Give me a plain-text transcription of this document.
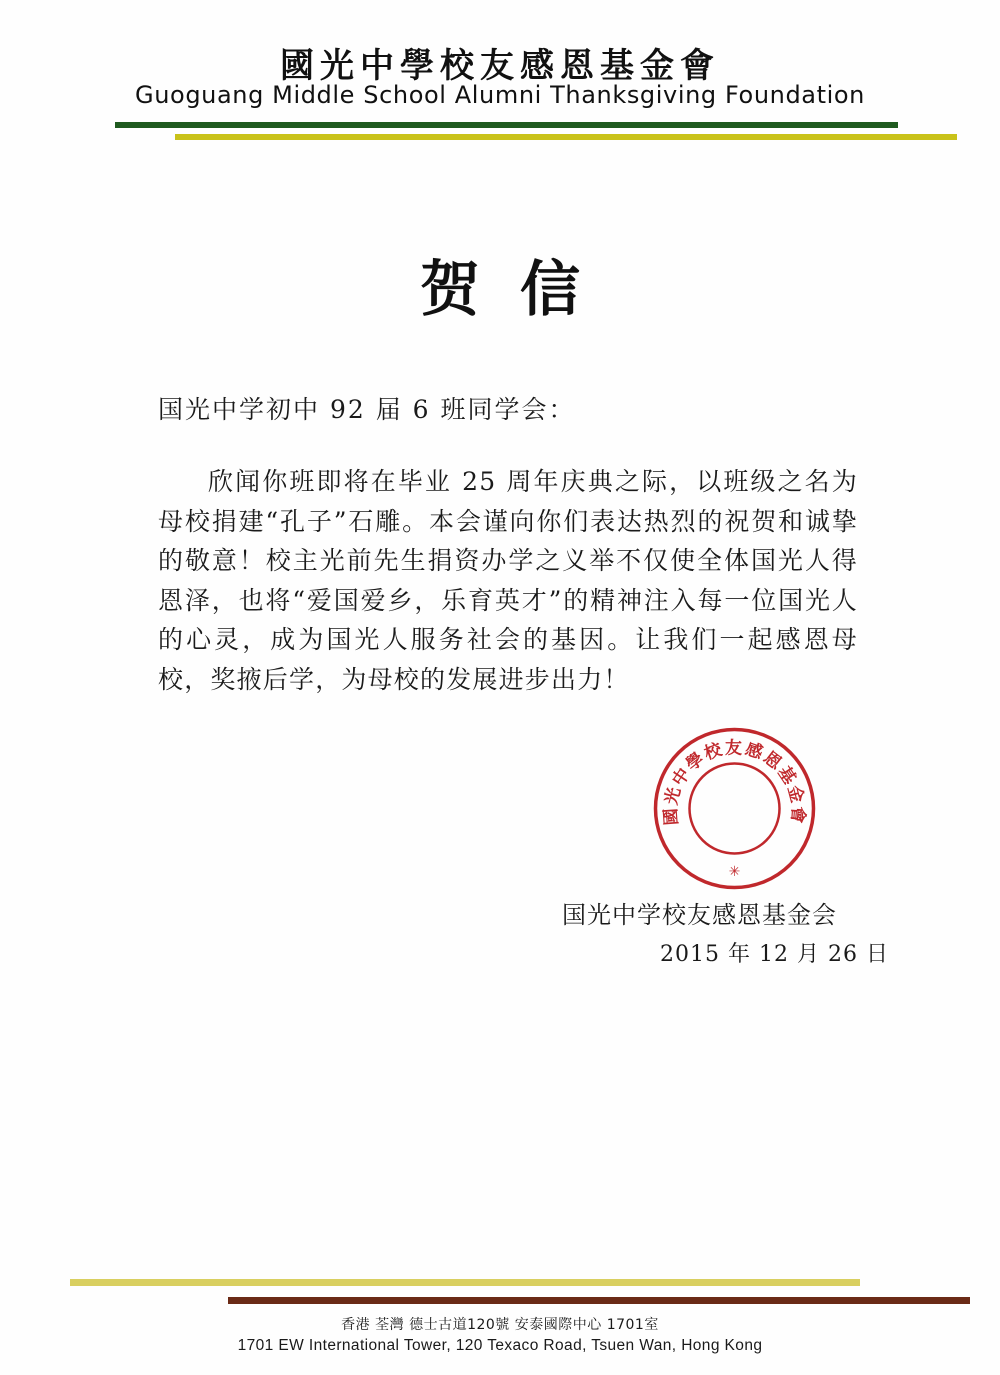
國光中學校友感恩基金會
Guoguang Middle School Alumni Thanksgiving Foundation
贺信
国光中学初中 92 届 6 班同学会：
欣闻你班即将在毕业 25 周年庆典之际，以班级之名为母校捐建“孔子”石雕。本会谨向你们表达热烈的祝贺和诚挚的敬意！校主光前先生捐资办学之义举不仅使全体国光人得恩泽，也将“爱国爱乡，乐育英才”的精神注入每一位国光人的心灵，成为国光人服务社会的基因。让我们一起感恩母校，奖掖后学，为母校的发展进步出力！
國光中學校友感恩基金會
✳
国光中学校友感恩基金会
2015 年 12 月 26 日
香港 荃灣 德士古道120號 安泰國際中心 1701室
1701 EW International Tower, 120 Texaco Road, Tsuen Wan, Hong Kong
